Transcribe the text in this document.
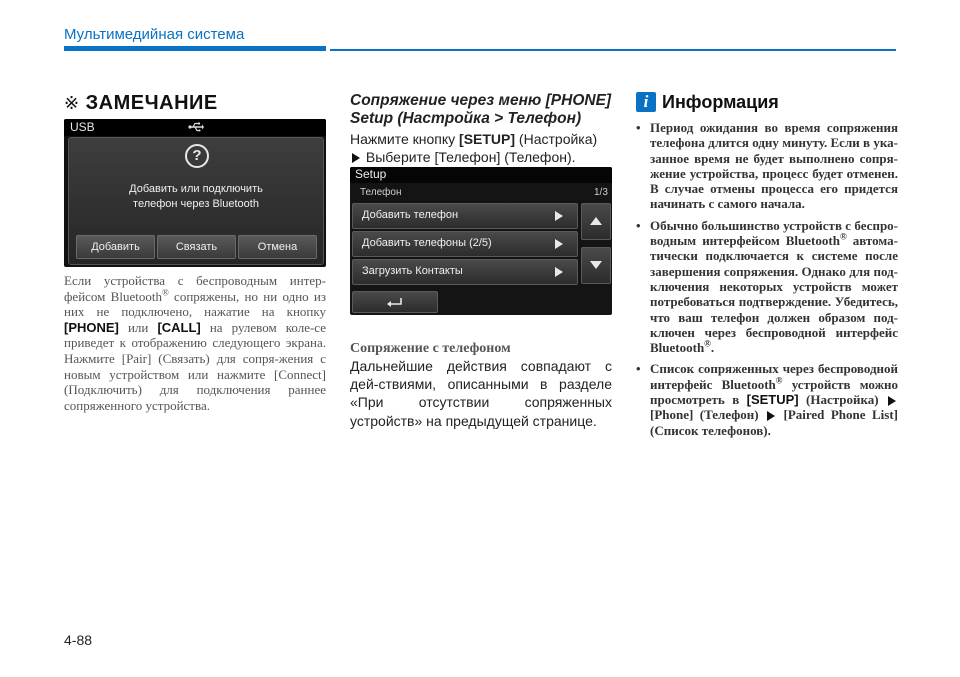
Мультимедийная система
※ ЗАМЕЧАНИЕ
USB
?
Добавить или подключить
телефон через Bluetooth
Добавить	Связать	Отмена
Если устройства с беспроводным интер-фейсом Bluetooth® сопряжены, но ни одно из них не подключено, нажатие на кнопку [PHONE] или [CALL] на рулевом коле-се приведет к отображению следующего экрана. Нажмите [Pair] (Связать) для сопря-жения с новым устройством или нажмите [Connect] (Подключить) для подключения раннее сопряженного устройства.
Сопряжение через меню [PHONE] Setup (Настройка > Телефон)
Нажмите кнопку [SETUP] (Настройка)  Выберите [Телефон] (Телефон).
Setup
Телефон	1/3
Добавить телефон
Добавить телефоны (2/5)
Загрузить Контакты
Сопряжение с телефоном
Дальнейшие действия совпадают с дей-ствиями, описанными в разделе «При отсутствии сопряженных устройств» на предыдущей странице.
i Информация
• Период ожидания во время сопряжения телефона длится одну минуту. Если в ука-занное время не будет выполнено сопря-жение устройства, процесс будет отменен. В случае отмены процесса его придется начинать с самого начала.
• Обычно большинство устройств с беспро-водным интерфейсом Bluetooth® автома-тически подключается к системе после завершения сопряжения. Однако для под-ключения некоторых устройств может потребоваться подтверждение. Убедитесь, что ваш телефон должен образом под-ключен через беспроводной интерфейс Bluetooth®.
• Список сопряженных через беспроводной интерфейс Bluetooth® устройств можно просмотреть в [SETUP] (Настройка)  [Phone] (Телефон)  [Paired Phone List] (Список телефонов).
4-88
